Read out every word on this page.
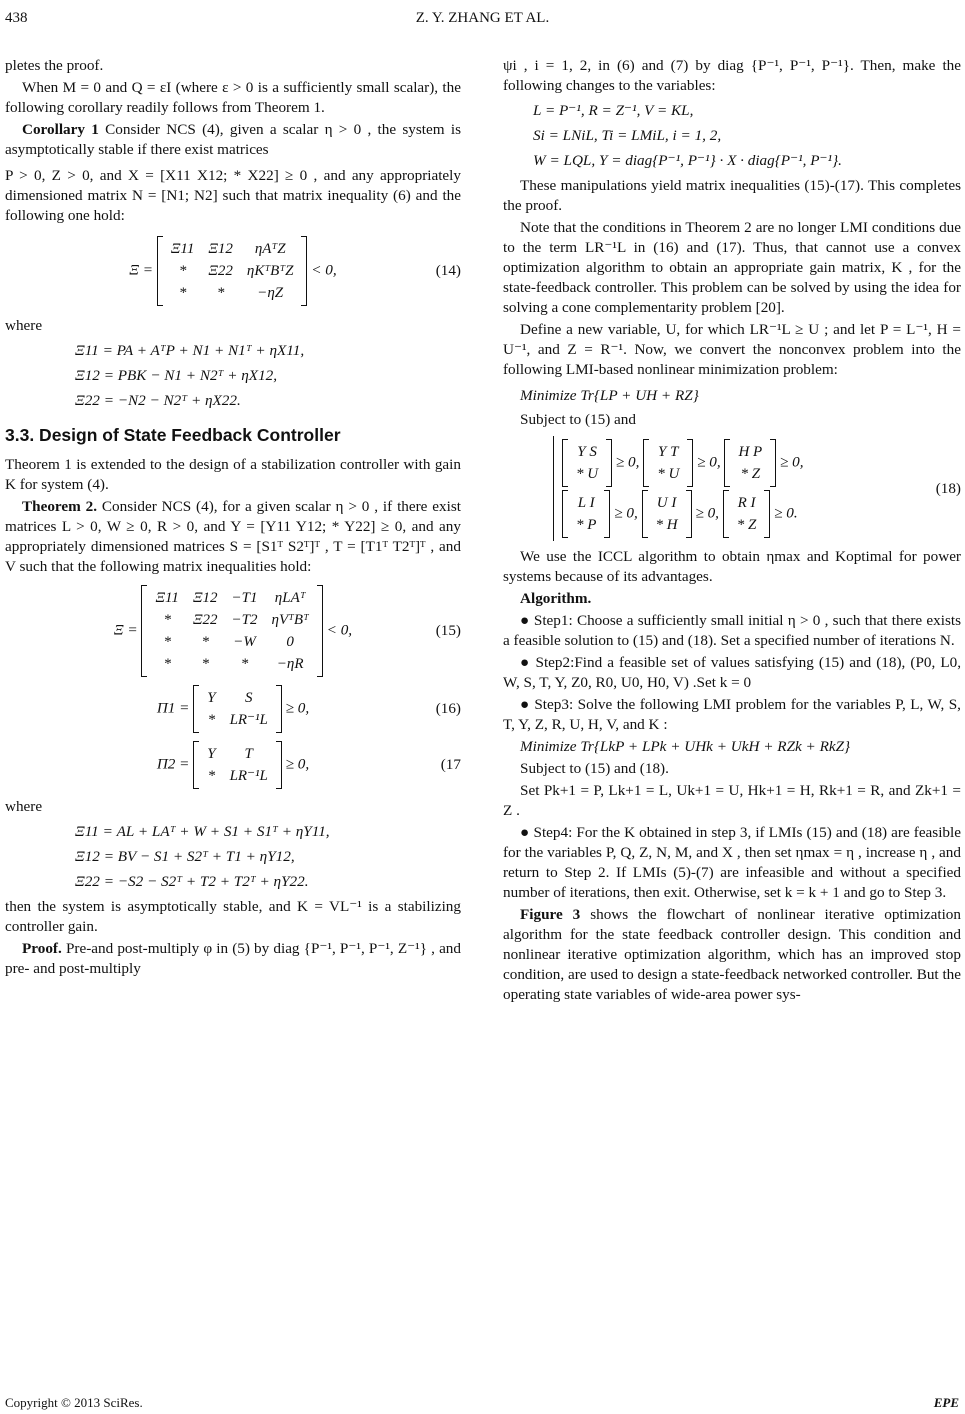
438	Z. Y. ZHANG ET AL.

pletes the proof.

When M = 0 and Q = εI (where ε > 0 is a sufficiently small scalar), the following corollary readily follows from Theorem 1.

Corollary 1 Consider NCS (4), given a scalar η > 0 , the system is asymptotically stable if there exist matrices

P > 0, Z > 0, and X = [X11 X12; * X22] ≥ 0 , and any appropriately dimensioned matrix N = [N1; N2] such that matrix inequality (6) and the following one hold:

Ξ =
Ξ11	Ξ12	ηAᵀZ
*	Ξ22	ηKᵀBᵀZ
*	*	−ηZ
< 0,	(14)

where

Ξ11 = PA + AᵀP + N1 + N1ᵀ + ηX11,
Ξ12 = PBK − N1 + N2ᵀ + ηX12,
Ξ22 = −N2 − N2ᵀ + ηX22.
3.3. Design of State Feedback Controller

Theorem 1 is extended to the design of a stabilization controller with gain K for system (4).

Theorem 2. Consider NCS (4), for a given scalar η > 0 , if there exist matrices L > 0, W ≥ 0, R > 0, and Y = [Y11 Y12; * Y22] ≥ 0, and any appropriately dimensioned matrices S = [S1ᵀ S2ᵀ]ᵀ , T = [T1ᵀ T2ᵀ]ᵀ , and V such that the following matrix inequalities hold:

Ξ =
Ξ11	Ξ12	−T1	ηLAᵀ
*	Ξ22	−T2	ηVᵀBᵀ
*	*	−W	0
*	*	*	−ηR
< 0,	(15)
Π1 =
Y	S
*	LR⁻¹L
≥ 0,	(16)
Π2 =
Y	T
*	LR⁻¹L
≥ 0,	(17

where

Ξ11 = AL + LAᵀ + W + S1 + S1ᵀ + ηY11,
Ξ12 = BV − S1 + S2ᵀ + T1 + ηY12,
Ξ22 = −S2 − S2ᵀ + T2 + T2ᵀ + ηY22.

then the system is asymptotically stable, and K = VL⁻¹ is a stabilizing controller gain.

Proof. Pre-and post-multiply φ in (5) by diag {P⁻¹, P⁻¹, P⁻¹, Z⁻¹} , and pre- and post-multiply

ψi , i = 1, 2, in (6) and (7) by diag {P⁻¹, P⁻¹, P⁻¹}. Then, make the following changes to the variables:

L = P⁻¹, R = Z⁻¹, V = KL,
Si = LNiL, Ti = LMiL, i = 1, 2,
W = LQL, Y = diag{P⁻¹, P⁻¹} · X · diag{P⁻¹, P⁻¹}.

These manipulations yield matrix inequalities (15)-(17). This completes the proof.

Note that the conditions in Theorem 2 are no longer LMI conditions due to the term LR⁻¹L in (16) and (17). Thus, that cannot use a convex optimization algorithm to obtain an appropriate gain matrix, K , for the state-feedback controller. This problem can be solved by using the idea for solving a cone complementarity problem [20].

Define a new variable, U, for which LR⁻¹L ≥ U ; and let P = L⁻¹, H = U⁻¹, and Z = R⁻¹. Now, we convert the nonconvex problem into the following LMI-based nonlinear minimization problem:

Minimize Tr{LP + UH + RZ}

Subject to (15) and

Y S
* U
≥ 0,
Y T
* U
≥ 0,
H P
* Z
≥ 0,
L I
* P
≥ 0,
U I
* H
≥ 0,
R I
* Z
≥ 0.
(18)

We use the ICCL algorithm to obtain ηmax and Koptimal for power systems because of its advantages.

Algorithm.

● Step1: Choose a sufficiently small initial η > 0 , such that there exists a feasible solution to (15) and (18). Set a specified number of iterations N.

● Step2:Find a feasible set of values satisfying (15) and (18), (P0, L0, W, S, T, Y, Z0, R0, U0, H0, V) .Set k = 0

● Step3: Solve the following LMI problem for the variables P, L, W, S, T, Y, Z, R, U, H, V, and K :

Minimize Tr{LkP + LPk + UHk + UkH + RZk + RkZ}

Subject to (15) and (18).

Set Pk+1 = P, Lk+1 = L, Uk+1 = U, Hk+1 = H, Rk+1 = R, and Zk+1 = Z .

● Step4: For the K obtained in step 3, if LMIs (15) and (18) are feasible for the variables P, Q, Z, N, M, and X , then set ηmax = η , increase η , and return to Step 2. If LMIs (5)-(7) are infeasible and without a specified number of iterations, then exit. Otherwise, set k = k + 1 and go to Step 3.

Figure 3 shows the flowchart of nonlinear iterative optimization algorithm for the state feedback controller design. This condition and nonlinear iterative optimization algorithm, which has an improved stop condition, are used to design a state-feedback networked controller. But the operating state variables of wide-area power sys-

Copyright © 2013 SciRes.	EPE
